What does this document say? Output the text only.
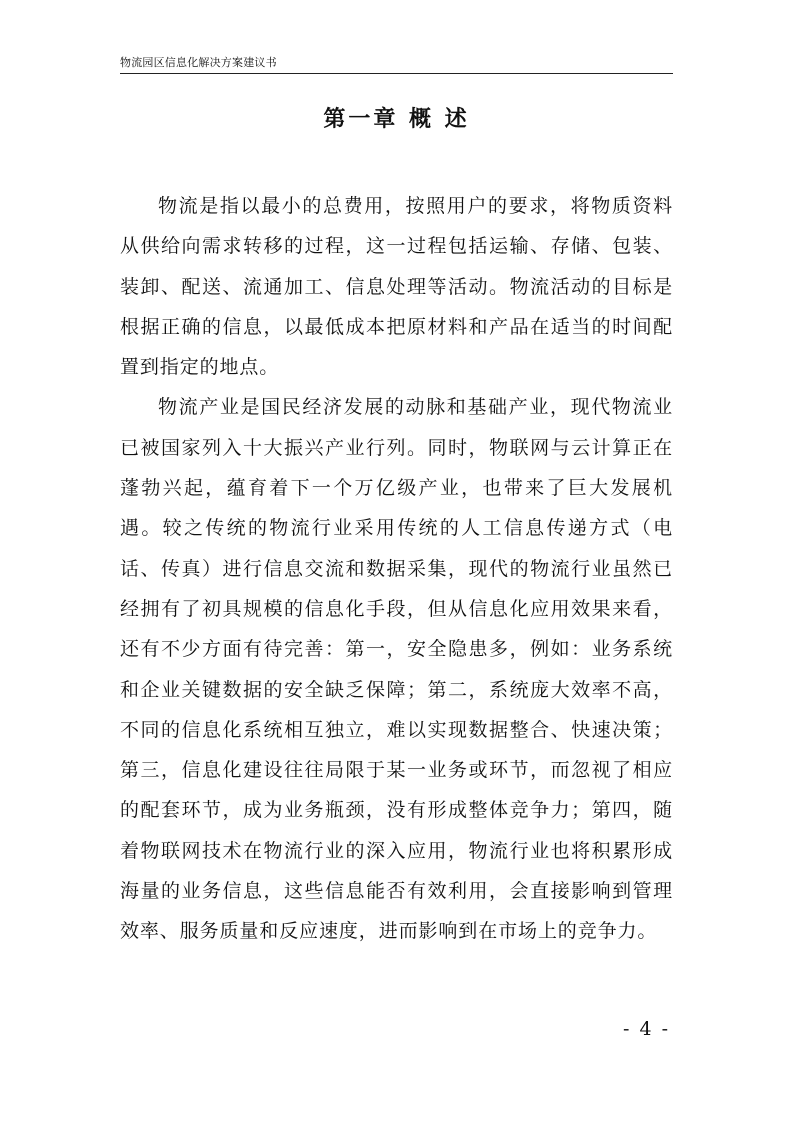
物流园区信息化解决方案建议书
第一章 概 述

物流是指以最小的总费用，按照用户的要求，将物质资料从供给向需求转移的过程，这一过程包括运输、存储、包装、装卸、配送、流通加工、信息处理等活动。物流活动的目标是根据正确的信息，以最低成本把原材料和产品在适当的时间配置到指定的地点。

物流产业是国民经济发展的动脉和基础产业，现代物流业已被国家列入十大振兴产业行列。同时，物联网与云计算正在蓬勃兴起，蕴育着下一个万亿级产业，也带来了巨大发展机遇。较之传统的物流行业采用传统的人工信息传递方式（电话、传真）进行信息交流和数据采集，现代的物流行业虽然已经拥有了初具规模的信息化手段，但从信息化应用效果来看，还有不少方面有待完善：第一，安全隐患多，例如：业务系统和企业关键数据的安全缺乏保障；第二，系统庞大效率不高，不同的信息化系统相互独立，难以实现数据整合、快速决策；第三，信息化建设往往局限于某一业务或环节，而忽视了相应的配套环节，成为业务瓶颈，没有形成整体竞争力；第四，随着物联网技术在物流行业的深入应用，物流行业也将积累形成海量的业务信息，这些信息能否有效利用，会直接影响到管理效率、服务质量和反应速度，进而影响到在市场上的竞争力。

- 4 -
